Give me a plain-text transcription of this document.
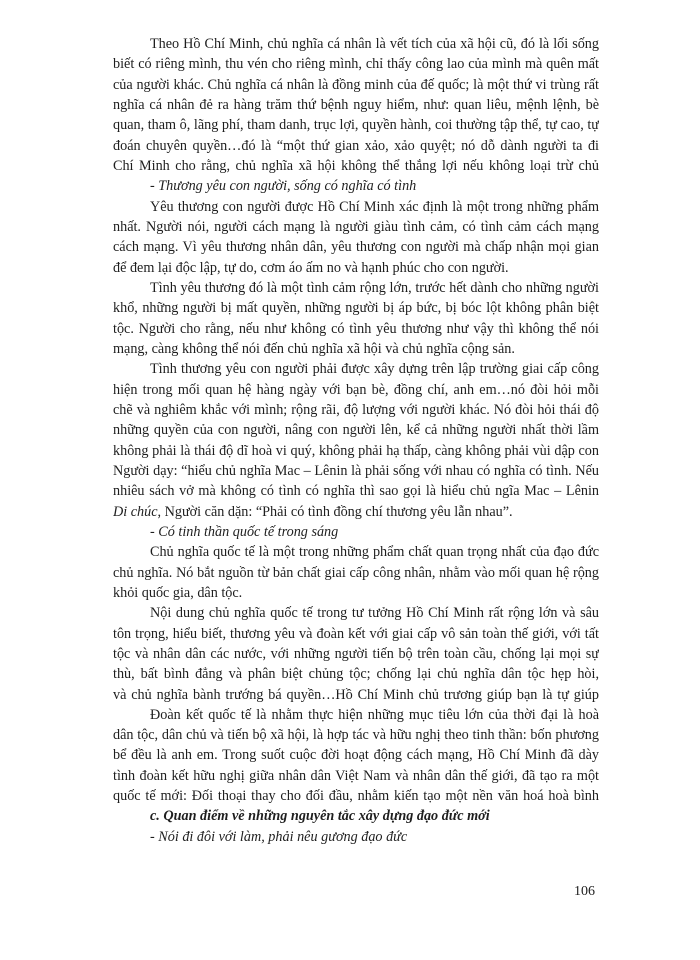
Theo Hồ Chí Minh, chủ nghĩa cá nhân là vết tích của xã hội cũ, đó là lối sống
biết có riêng mình, thu vén cho riêng mình, chỉ thấy công lao của mình mà quên mất
của người khác. Chủ nghĩa cá nhân là đồng minh của đế quốc; là một thứ vi trùng rất
nghĩa cá nhân đẻ ra hàng trăm thứ bệnh nguy hiểm, như: quan liêu, mệnh lệnh, bè
quan, tham ô, lãng phí, tham danh, trục lợi, quyền hành, coi thường tập thể, tự cao, tự
đoán chuyên quyền…đó là “một thứ gian xảo, xảo quyệt; nó dỗ dành người ta đi
Chí Minh cho rằng, chủ nghĩa xã hội không thể thắng lợi nếu không loại trừ chủ
- Thương yêu con người, sống có nghĩa có tình
Yêu thương con người được Hồ Chí Minh xác định là một trong những phẩm
nhất. Người nói, người cách mạng là người giàu tình cảm, có tình cảm cách mạng
cách mạng. Vì yêu thương nhân dân, yêu thương con người mà chấp nhận mọi gian
để đem lại độc lập, tự do, cơm áo ấm no và hạnh phúc cho con người.
Tình yêu thương đó là một tình cảm rộng lớn, trước hết dành cho những người
khổ, những người bị mất quyền, những người bị áp bức, bị bóc lột không phân biệt
tộc. Người cho rằng, nếu như không có tình yêu thương như vậy thì không thể nói
mạng, càng không thể nói đến chủ nghĩa xã hội và chủ nghĩa cộng sản.
Tình thương yêu con người phải được xây dựng trên lập trường giai cấp công
hiện trong mối quan hệ hàng ngày với bạn bè, đồng chí, anh em…nó đòi hỏi mỗi
chẽ và nghiêm khắc với mình; rộng rãi, độ lượng với người khác. Nó đòi hỏi thái độ
những quyền của con người, nâng con người lên, kể cả những người nhất thời lầm
không phải là thái độ dĩ hoà vi quý, không phải hạ thấp, càng không phải vùi dập con
Người dạy: “hiểu chủ nghĩa Mac – Lênin là phải sống với nhau có nghĩa có tình. Nếu
nhiêu sách vở mà không có tình có nghĩa thì sao gọi là hiểu chủ ngĩa Mac – Lênin
Di chúc, Người căn dặn: “Phải có tình đồng chí thương yêu lẫn nhau”.
- Có tinh thần quốc tế trong sáng
Chủ nghĩa quốc tế là một trong những phẩm chất quan trọng nhất của đạo đức
chủ nghĩa. Nó bắt nguồn từ bản chất giai cấp công nhân, nhằm vào mối quan hệ rộng
khỏi quốc gia, dân tộc.
Nội dung chủ nghĩa quốc tế trong tư tưởng Hồ Chí Minh rất rộng lớn và sâu
tôn trọng, hiểu biết, thương yêu và đoàn kết với giai cấp vô sản toàn thế giới, với tất
tộc và nhân dân các nước, với những người tiến bộ trên toàn cầu, chống lại mọi sự
thù, bất bình đẳng và phân biệt chủng tộc; chống lại chủ nghĩa dân tộc hẹp hòi,
và chủ nghĩa bành trướng bá quyền…Hồ Chí Minh chủ trương giúp bạn là tự giúp
Đoàn kết quốc tế là nhằm thực hiện những mục tiêu lớn của thời đại là hoà
dân tộc, dân chủ và tiến bộ xã hội, là hợp tác và hữu nghị theo tinh thần: bốn phương
bể đều là anh em. Trong suốt cuộc đời hoạt động cách mạng, Hồ Chí Minh đã dày
tình đoàn kết hữu nghị giữa nhân dân Việt Nam và nhân dân thế giới, đã tạo ra một
quốc tế mới: Đối thoại thay cho đối đầu, nhằm kiến tạo một nền văn hoá hoà bình
c. Quan điểm về những nguyên tắc xây dựng đạo đức mới
- Nói đi đôi với làm, phải nêu gương đạo đức
106
